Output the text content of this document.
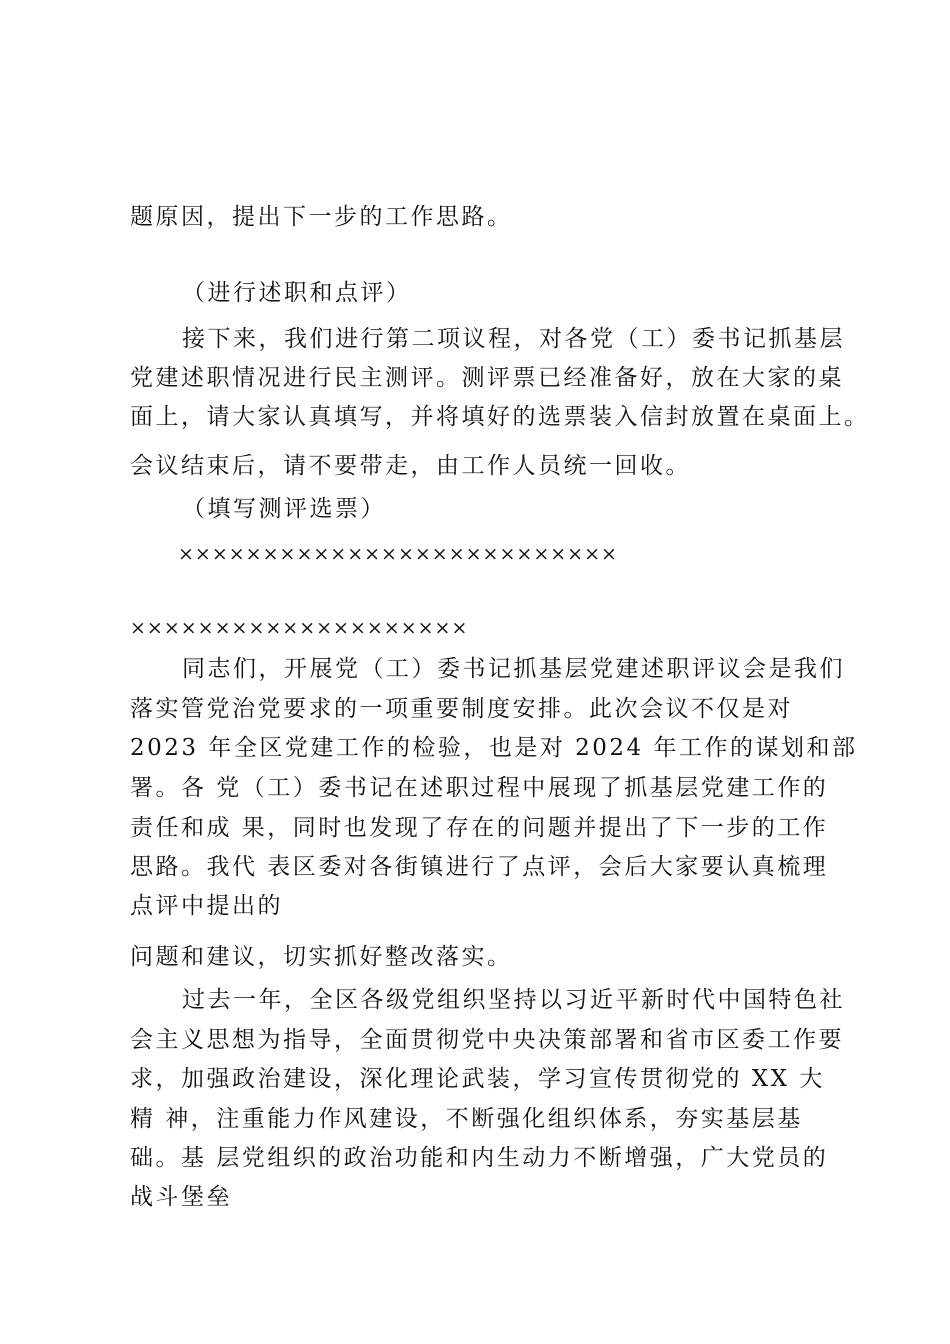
题原因，提出下一步的工作思路。
（进行述职和点评）
接下来，我们进行第二项议程，对各党（工）委书记抓基层
党建述职情况进行民主测评。测评票已经准备好，放在大家的桌
面上，请大家认真填写，并将填好的选票装入信封放置在桌面上。
会议结束后，请不要带走，由工作人员统一回收。
（填写测评选票）
××××××××××××××××××××××××××
××××××××××××××××××××
同志们，开展党（工）委书记抓基层党建述职评议会是我们
落实管党治党要求的一项重要制度安排。此次会议不仅是对
2023 年全区党建工作的检验，也是对 2024 年工作的谋划和部
署。各 党（工）委书记在述职过程中展现了抓基层党建工作的
责任和成 果，同时也发现了存在的问题并提出了下一步的工作
思路。我代 表区委对各街镇进行了点评，会后大家要认真梳理
点评中提出的
问题和建议，切实抓好整改落实。
过去一年，全区各级党组织坚持以习近平新时代中国特色社
会主义思想为指导，全面贯彻党中央决策部署和省市区委工作要
求，加强政治建设，深化理论武装，学习宣传贯彻党的 XX 大
精 神，注重能力作风建设，不断强化组织体系，夯实基层基
础。基 层党组织的政治功能和内生动力不断增强，广大党员的
战斗堡垒
